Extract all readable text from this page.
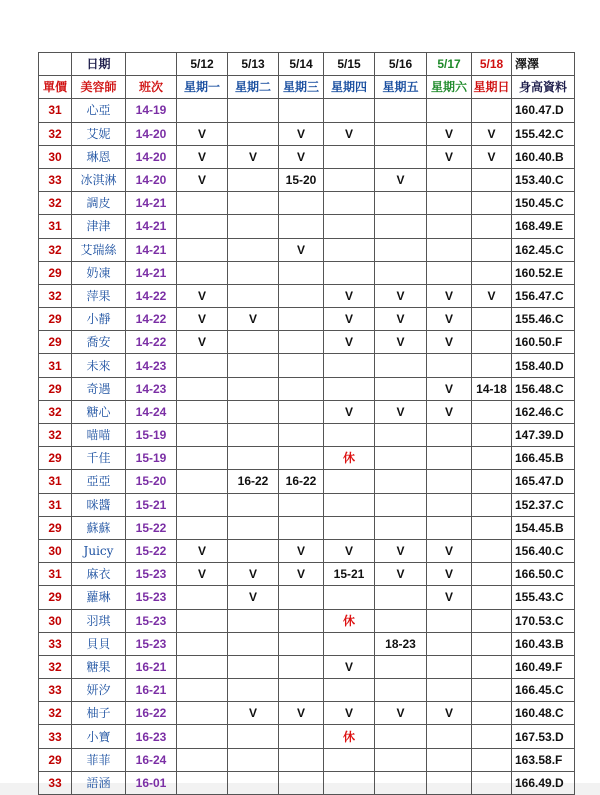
	日期		5/12	5/13	5/14	5/15	5/16	5/17	5/18	澤澤
單價	美容師	班次	星期一	星期二	星期三	星期四	星期五	星期六	星期日	身高資料
31	心亞	14-19								160.47.D
32	艾妮	14-20	V		V	V		V	V	155.42.C
30	琳恩	14-20	V	V	V			V	V	160.40.B
33	冰淇淋	14-20	V		15-20		V			153.40.C
32	調皮	14-21								150.45.C
31	津津	14-21								168.49.E
32	艾瑞絲	14-21			V					162.45.C
29	奶凍	14-21								160.52.E
32	萍果	14-22	V			V	V	V	V	156.47.C
29	小靜	14-22	V	V		V	V	V		155.46.C
29	喬安	14-22	V			V	V	V		160.50.F
31	未來	14-23								158.40.D
29	奇遇	14-23						V	14-18	156.48.C
32	糖心	14-24				V	V	V		162.46.C
32	喵喵	15-19								147.39.D
29	千佳	15-19				休				166.45.B
31	亞亞	15-20		16-22	16-22					165.47.D
31	咪醬	15-21								152.37.C
29	蘇蘇	15-22								154.45.B
30	Juicy	15-22	V		V	V	V	V		156.40.C
31	麻衣	15-23	V	V	V	15-21	V	V		166.50.C
29	蘿琳	15-23		V				V		155.43.C
30	羽琪	15-23				休				170.53.C
33	貝貝	15-23					18-23			160.43.B
32	糖果	16-21				V				160.49.F
33	妍汐	16-21								166.45.C
32	柚子	16-22		V	V	V	V	V		160.48.C
33	小寶	16-23				休				167.53.D
29	菲菲	16-24								163.58.F
33	語涵	16-01								166.49.D
